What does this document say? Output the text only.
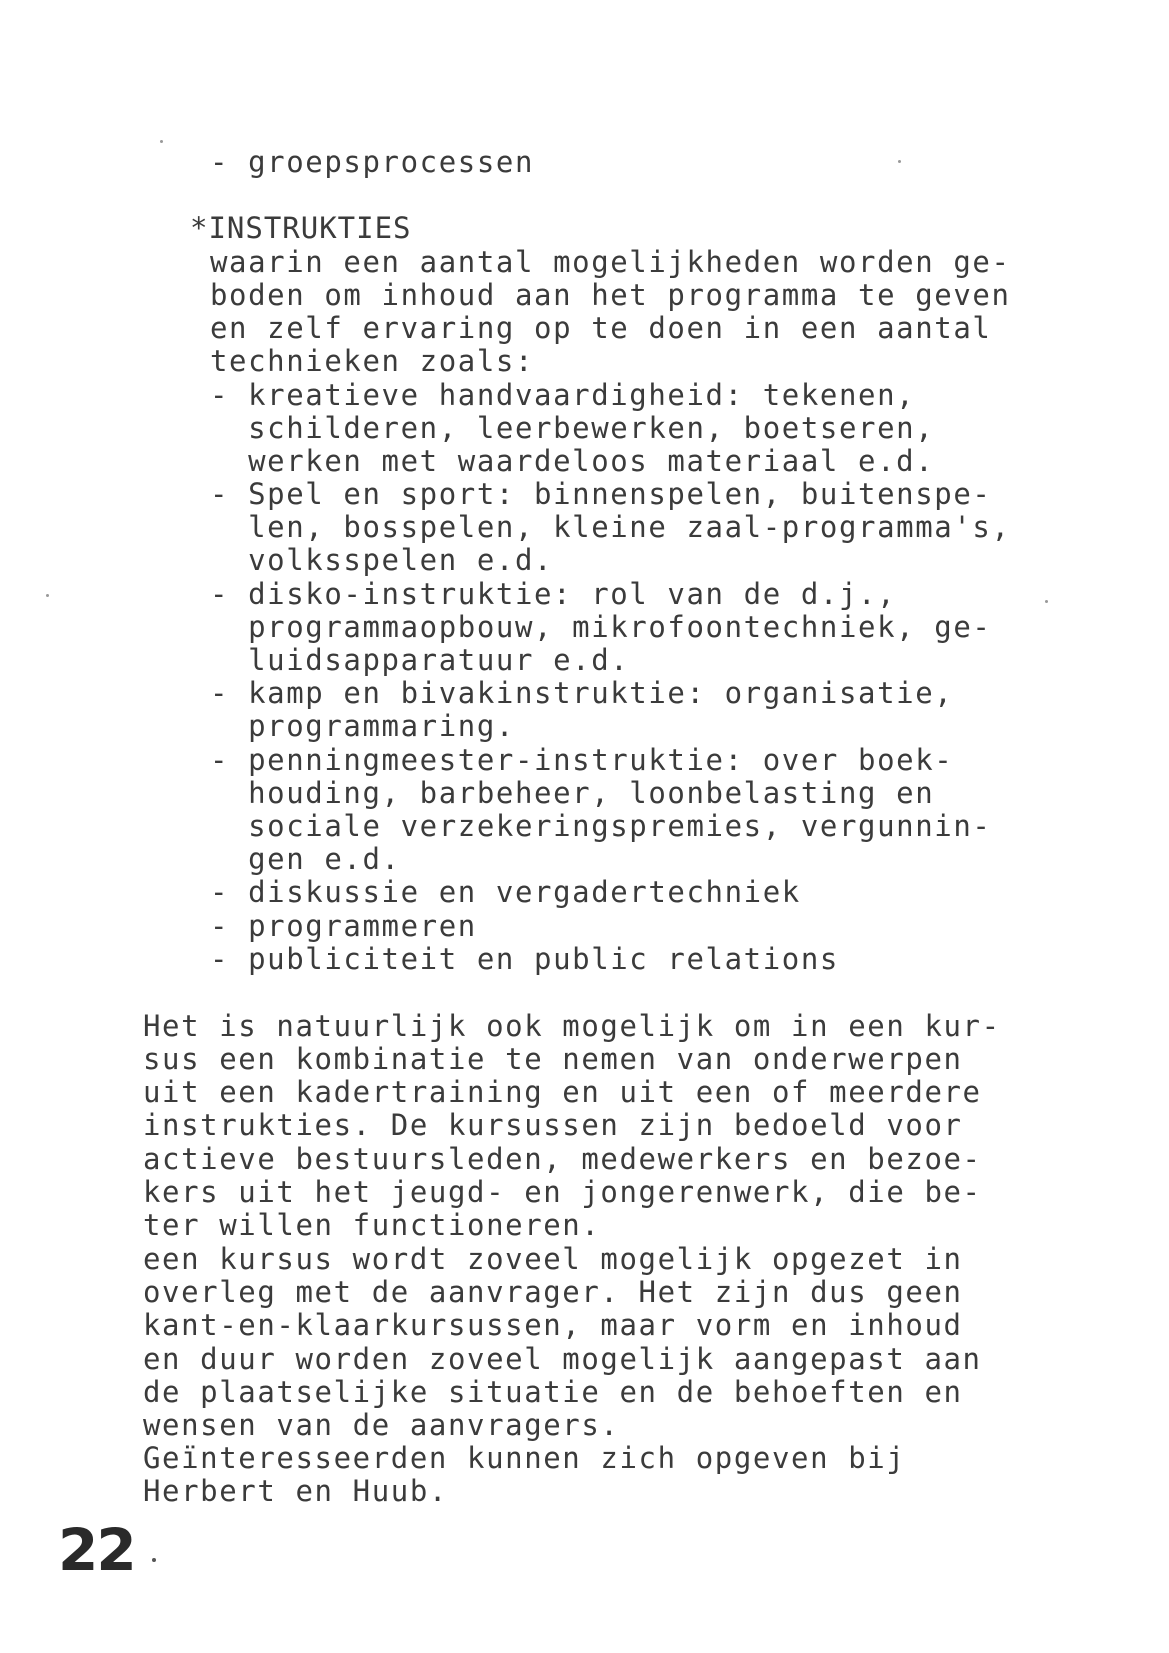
- groepsprocessen
*INSTRUKTIES
waarin een aantal mogelijkheden worden ge-
boden om inhoud aan het programma te geven
en zelf ervaring op te doen in een aantal
technieken zoals:
- kreatieve handvaardigheid: tekenen,
schilderen, leerbewerken, boetseren,
werken met waardeloos materiaal e.d.
- Spel en sport: binnenspelen, buitenspe-
len, bosspelen, kleine zaal-programma's,
volksspelen e.d.
- disko-instruktie: rol van de d.j.,
programmaopbouw, mikrofoontechniek, ge-
luidsapparatuur e.d.
- kamp en bivakinstruktie: organisatie,
programmaring.
- penningmeester-instruktie: over boek-
houding, barbeheer, loonbelasting en
sociale verzekeringspremies, vergunnin-
gen e.d.
- diskussie en vergadertechniek
- programmeren
- publiciteit en public relations
Het is natuurlijk ook mogelijk om in een kur-
sus een kombinatie te nemen van onderwerpen
uit een kadertraining en uit een of meerdere
instrukties. De kursussen zijn bedoeld voor
actieve bestuursleden, medewerkers en bezoe-
kers uit het jeugd- en jongerenwerk, die be-
ter willen functioneren.
een kursus wordt zoveel mogelijk opgezet in
overleg met de aanvrager. Het zijn dus geen
kant-en-klaarkursussen, maar vorm en inhoud
en duur worden zoveel mogelijk aangepast aan
de plaatselijke situatie en de behoeften en
wensen van de aanvragers.
Geïnteresseerden kunnen zich opgeven bij
Herbert en Huub.
22
